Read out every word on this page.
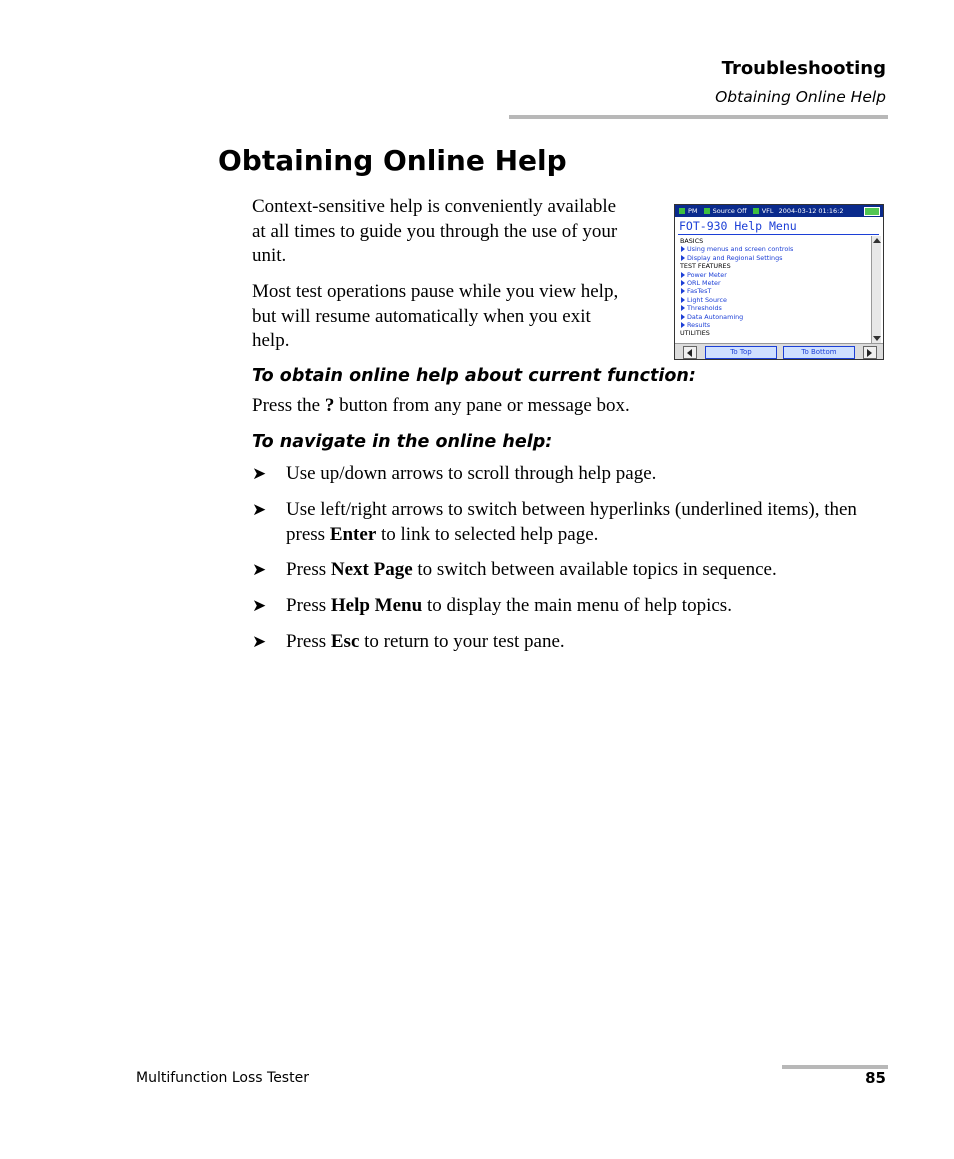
Troubleshooting
Obtaining Online Help
Obtaining Online Help
Context-sensitive help is conveniently available
at all times to guide you through the use of your
unit.
Most test operations pause while you view help,
but will resume automatically when you exit
help.
PM Source Off VFL 2004-03-12 01:16:2
FOT-930 Help Menu
BASICS
Using menus and screen controls
Display and Regional Settings
TEST FEATURES
Power Meter
ORL Meter
FasTesT
Light Source
Thresholds
Data Autonaming
Results
UTILITIES
To Top	To Bottom
To obtain online help about current function:
Press the ? button from any pane or message box.
To navigate in the online help:
➤ Use up/down arrows to scroll through help page.
➤ Use left/right arrows to switch between hyperlinks (underlined items), then press Enter to link to selected help page.
➤ Press Next Page to switch between available topics in sequence.
➤ Press Help Menu to display the main menu of help topics.
➤ Press Esc to return to your test pane.
Multifunction Loss Tester	85
